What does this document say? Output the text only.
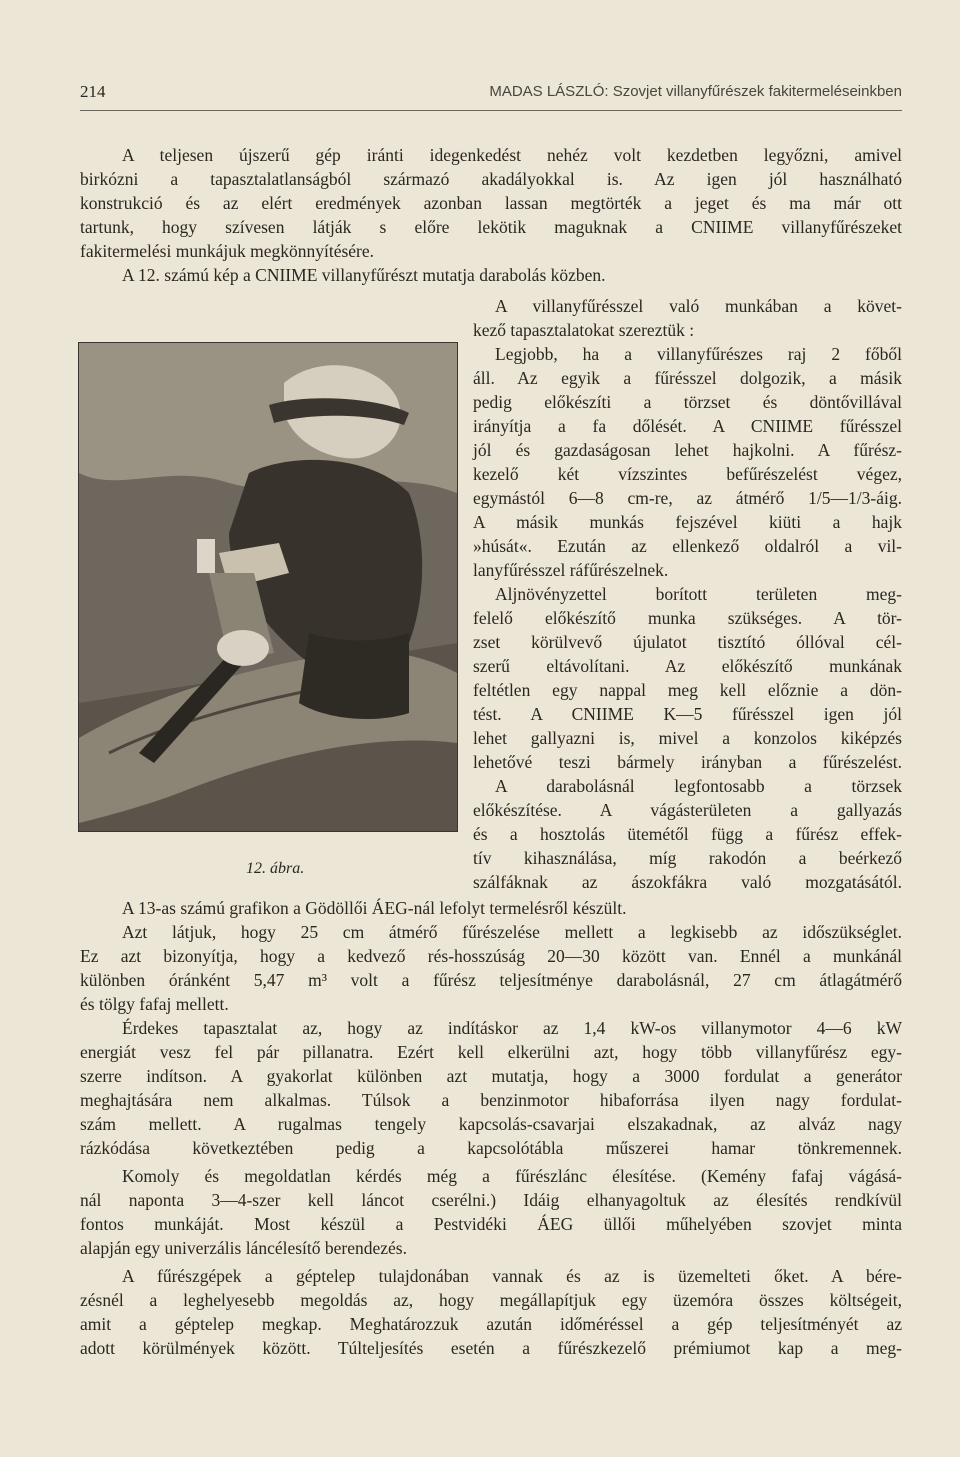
214	MADAS LÁSZLÓ: Szovjet villanyfűrészek fakitermeléseinkben
12. ábra.
A teljesen újszerű gép iránti idegenkedést nehéz volt kezdetben legyőzni, amivel
birkózni a tapasztalatlanságból származó akadályokkal is. Az igen jól használható
konstrukció és az elért eredmények azonban lassan megtörték a jeget és ma már ott
tartunk, hogy szívesen látják s előre lekötik maguknak a CNIIME villanyfűrészeket
fakitermelési munkájuk megkönnyítésére.
A 12. számú kép a CNIIME villanyfűrészt mutatja darabolás közben.
A villanyfűrésszel való munkában a követ-
kező tapasztalatokat szereztük :
Legjobb, ha a villanyfűrészes raj 2 főből
áll. Az egyik a fűrésszel dolgozik, a másik
pedig előkészíti a törzset és döntővillával
irányítja a fa dőlését. A CNIIME fűrésszel
jól és gazdaságosan lehet hajkolni. A fűrész-
kezelő két vízszintes befűrészelést végez,
egymástól 6—8 cm-re, az átmérő 1/5—1/3-áig.
A másik munkás fejszével kiüti a hajk
»húsát«. Ezután az ellenkező oldalról a vil-
lanyfűrésszel ráfűrészelnek.
Aljnövényzettel borított területen meg-
felelő előkészítő munka szükséges. A tör-
zset körülvevő újulatot tisztító óllóval cél-
szerű eltávolítani. Az előkészítő munkának
feltétlen egy nappal meg kell előznie a dön-
tést. A CNIIME K—5 fűrésszel igen jól
lehet gallyazni is, mivel a konzolos kiképzés
lehetővé teszi bármely irányban a fűrészelést.
A darabolásnál legfontosabb a törzsek
előkészítése. A vágásterületen a gallyazás
és a hosztolás ütemétől függ a fűrész effek-
tív kihasználása, míg rakodón a beérkező
szálfáknak az ászokfákra való mozgatásától.
A 13-as számú grafikon a Gödöllői ÁEG-nál lefolyt termelésről készült.
Azt látjuk, hogy 25 cm átmérő fűrészelése mellett a legkisebb az időszükséglet.
Ez azt bizonyítja, hogy a kedvező rés-hosszúság 20—30 között van. Ennél a munkánál
különben óránként 5,47 m³ volt a fűrész teljesítménye darabolásnál, 27 cm átlagátmérő
és tölgy fafaj mellett.
Érdekes tapasztalat az, hogy az indításkor az 1,4 kW-os villanymotor 4—6 kW
energiát vesz fel pár pillanatra. Ezért kell elkerülni azt, hogy több villanyfűrész egy-
szerre indítson. A gyakorlat különben azt mutatja, hogy a 3000 fordulat a generátor
meghajtására nem alkalmas. Túlsok a benzinmotor hibaforrása ilyen nagy fordulat-
szám mellett. A rugalmas tengely kapcsolás-csavarjai elszakadnak, az alváz nagy
rázkódása következtében pedig a kapcsolótábla műszerei hamar tönkremennek.
Komoly és megoldatlan kérdés még a fűrészlánc élesítése. (Kemény fafaj vágásá-
nál naponta 3—4-szer kell láncot cserélni.) Idáig elhanyagoltuk az élesítés rendkívül
fontos munkáját. Most készül a Pestvidéki ÁEG üllői műhelyében szovjet minta
alapján egy univerzális láncélesítő berendezés.
A fűrészgépek a géptelep tulajdonában vannak és az is üzemelteti őket. A bére-
zésnél a leghelyesebb megoldás az, hogy megállapítjuk egy üzemóra összes költségeit,
amit a géptelep megkap. Meghatározzuk azután időméréssel a gép teljesítményét az
adott körülmények között. Túlteljesítés esetén a fűrészkezelő prémiumot kap a meg-
